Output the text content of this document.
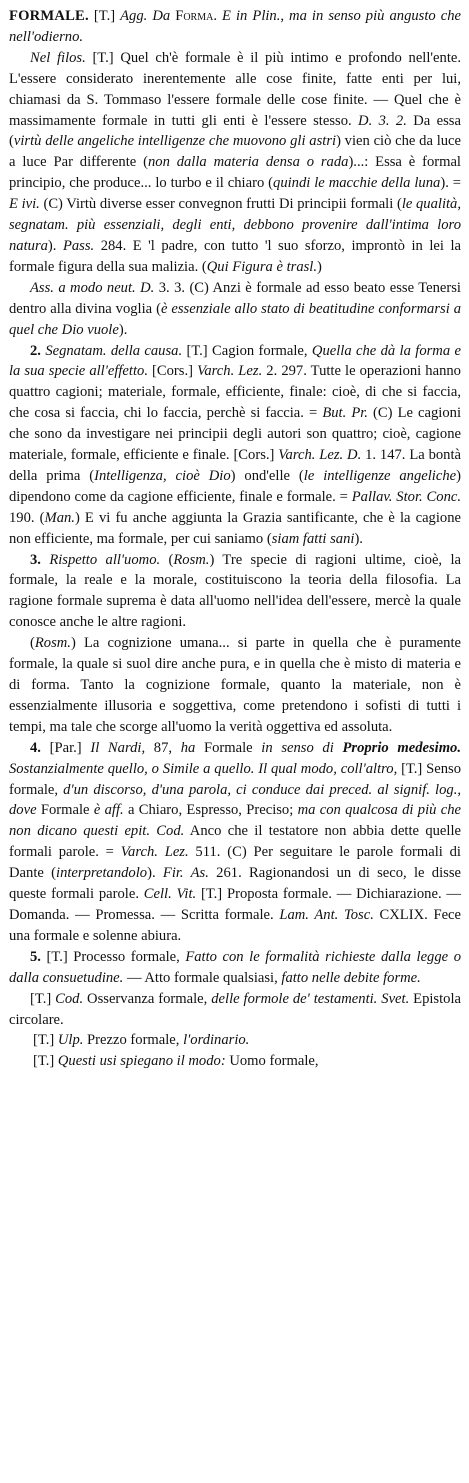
FORMALE. [T.] Agg. Da Forma. E in Plin., ma in senso più angusto che nell'odierno.

Nel filos. [T.] Quel ch'è formale è il più intimo e profondo nell'ente. L'essere considerato inerentemente alle cose finite, fatte enti per lui, chiamasi da S. Tommaso l'essere formale delle cose finite. — Quel che è massimamente formale in tutti gli enti è l'essere stesso. D. 3. 2. Da essa (virtù delle angeliche intelligenze che muovono gli astri) vien ciò che da luce a luce Par differente (non dalla materia densa o rada)...: Essa è formal principio, che produce... lo turbo e il chiaro (quindi le macchie della luna). = E ivi. (C) Virtù diverse esser convegnon frutti Di principii formali (le qualità, segnatam. più essenziali, degli enti, debbono provenire dall'intima loro natura). Pass. 284. E 'l padre, con tutto 'l suo sforzo, improntò in lei la formale figura della sua malizia. (Qui Figura è trasl.)

Ass. a modo neut. D. 3. 3. (C) Anzi è formale ad esso beato esse Tenersi dentro alla divina voglia (è essenziale allo stato di beatitudine conformarsi a quel che Dio vuole).

2. Segnatam. della causa. [T.] Cagion formale, Quella che dà la forma e la sua specie all'effetto. [Cors.] Varch. Lez. 2. 297. Tutte le operazioni hanno quattro cagioni; materiale, formale, efficiente, finale: cioè, di che si faccia, che cosa si faccia, chi lo faccia, perchè si faccia. = But. Pr. (C) Le cagioni che sono da investigare nei principii degli autori son quattro; cioè, cagione materiale, formale, efficiente e finale. [Cors.] Varch. Lez. D. 1. 147. La bontà della prima (Intelligenza, cioè Dio) ond'elle (le intelligenze angeliche) dipendono come da cagione efficiente, finale e formale. = Pallav. Stor. Conc. 190. (Man.) E vi fu anche aggiunta la Grazia santificante, che è la cagione non efficiente, ma formale, per cui saniamo (siam fatti sani).

3. Rispetto all'uomo. (Rosm.) Tre specie di ragioni ultime, cioè, la formale, la reale e la morale, costituiscono la teoria della filosofia. La ragione formale suprema è data all'uomo nell'idea dell'essere, mercè la quale conosce anche le altre ragioni.

(Rosm.) La cognizione umana... si parte in quella che è puramente formale, la quale si suol dire anche pura, e in quella che è misto di materia e di forma. Tanto la cognizione formale, quanto la materiale, non è essenzialmente illusoria e soggettiva, come pretendono i sofisti di tutti i tempi, ma tale che scorge all'uomo la verità oggettiva ed assoluta.

4. [Par.] Il Nardi, 87, ha Formale in senso di Proprio medesimo. Sostanzialmente quello, o Simile a quello. Il qual modo, coll'altro, [T.] Senso formale, d'un discorso, d'una parola, ci conduce dai preced. al signif. log., dove Formale è aff. a Chiaro, Espresso, Preciso; ma con qualcosa di più che non dicano questi epit. Cod. Anco che il testatore non abbia dette quelle formali parole. = Varch. Lez. 511. (C) Per seguitare le parole formali di Dante (interpretandolo). Fir. As. 261. Ragionandosi un di seco, le disse queste formali parole. Cell. Vit. [T.] Proposta formale. — Dichiarazione. — Domanda. — Promessa. — Scritta formale. Lam. Ant. Tosc. CXLIX. Fece una formale e solenne abiura.

5. [T.] Processo formale, Fatto con le formalità richieste dalla legge o dalla consuetudine. — Atto formale qualsiasi, fatto nelle debite forme.

[T.] Cod. Osservanza formale, delle formole de' testamenti. Svet. Epistola circolare.

[T.] Ulp. Prezzo formale, l'ordinario.

[T.] Questi usi spiegano il modo: Uomo formale,
